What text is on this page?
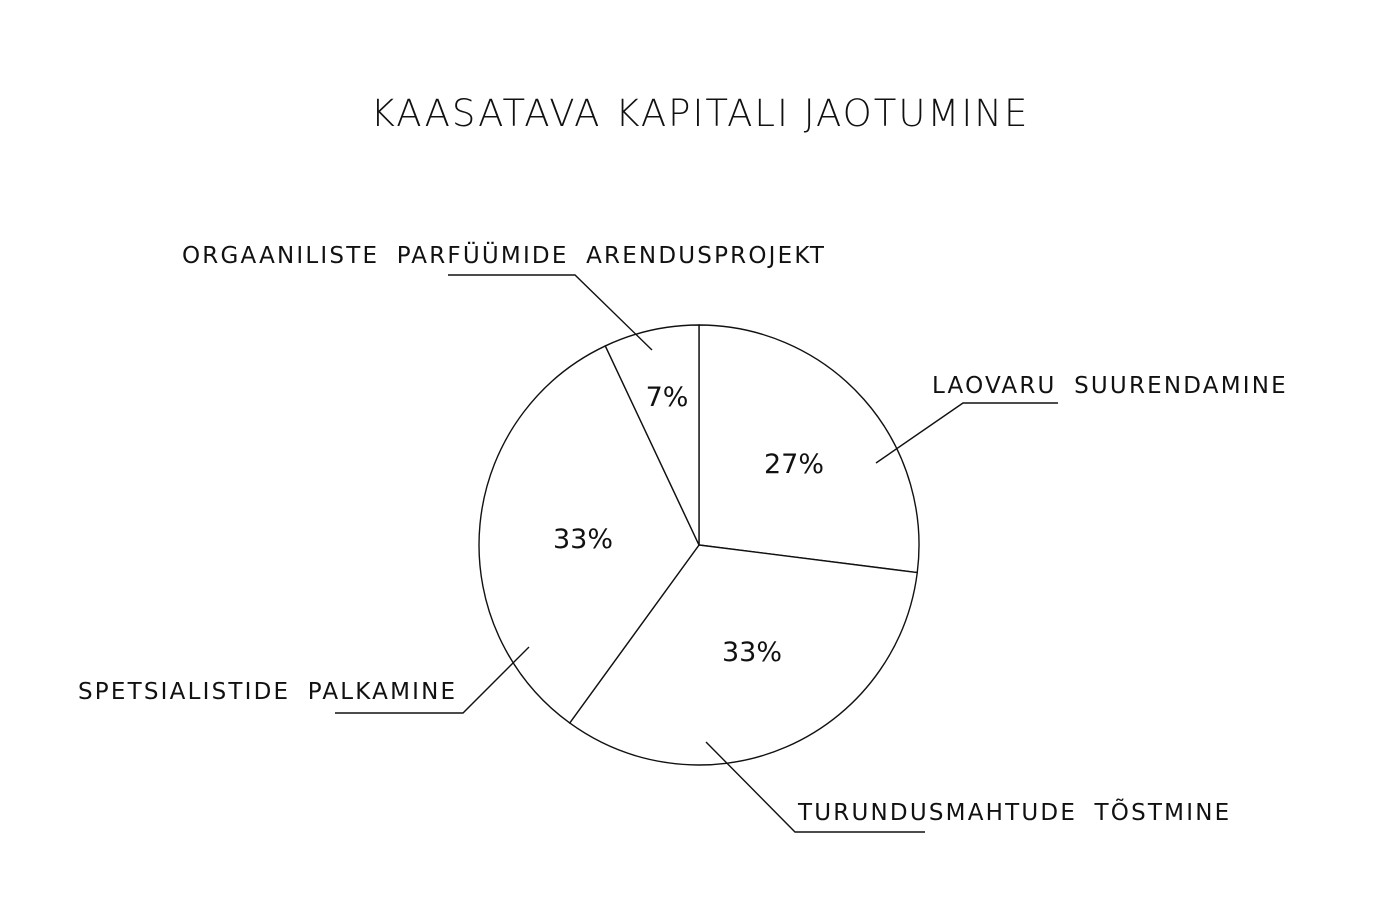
KAASATAVA KAPITALI JAOTUMINE
27%
33%
33%
7%	LAOVARU SUURENDAMINE
TURUNDUSMAHTUDE TÕSTMINE
SPETSIALISTIDE PALKAMINE
ORGAANILISTE PARFÜÜMIDE ARENDUSPROJEKT
